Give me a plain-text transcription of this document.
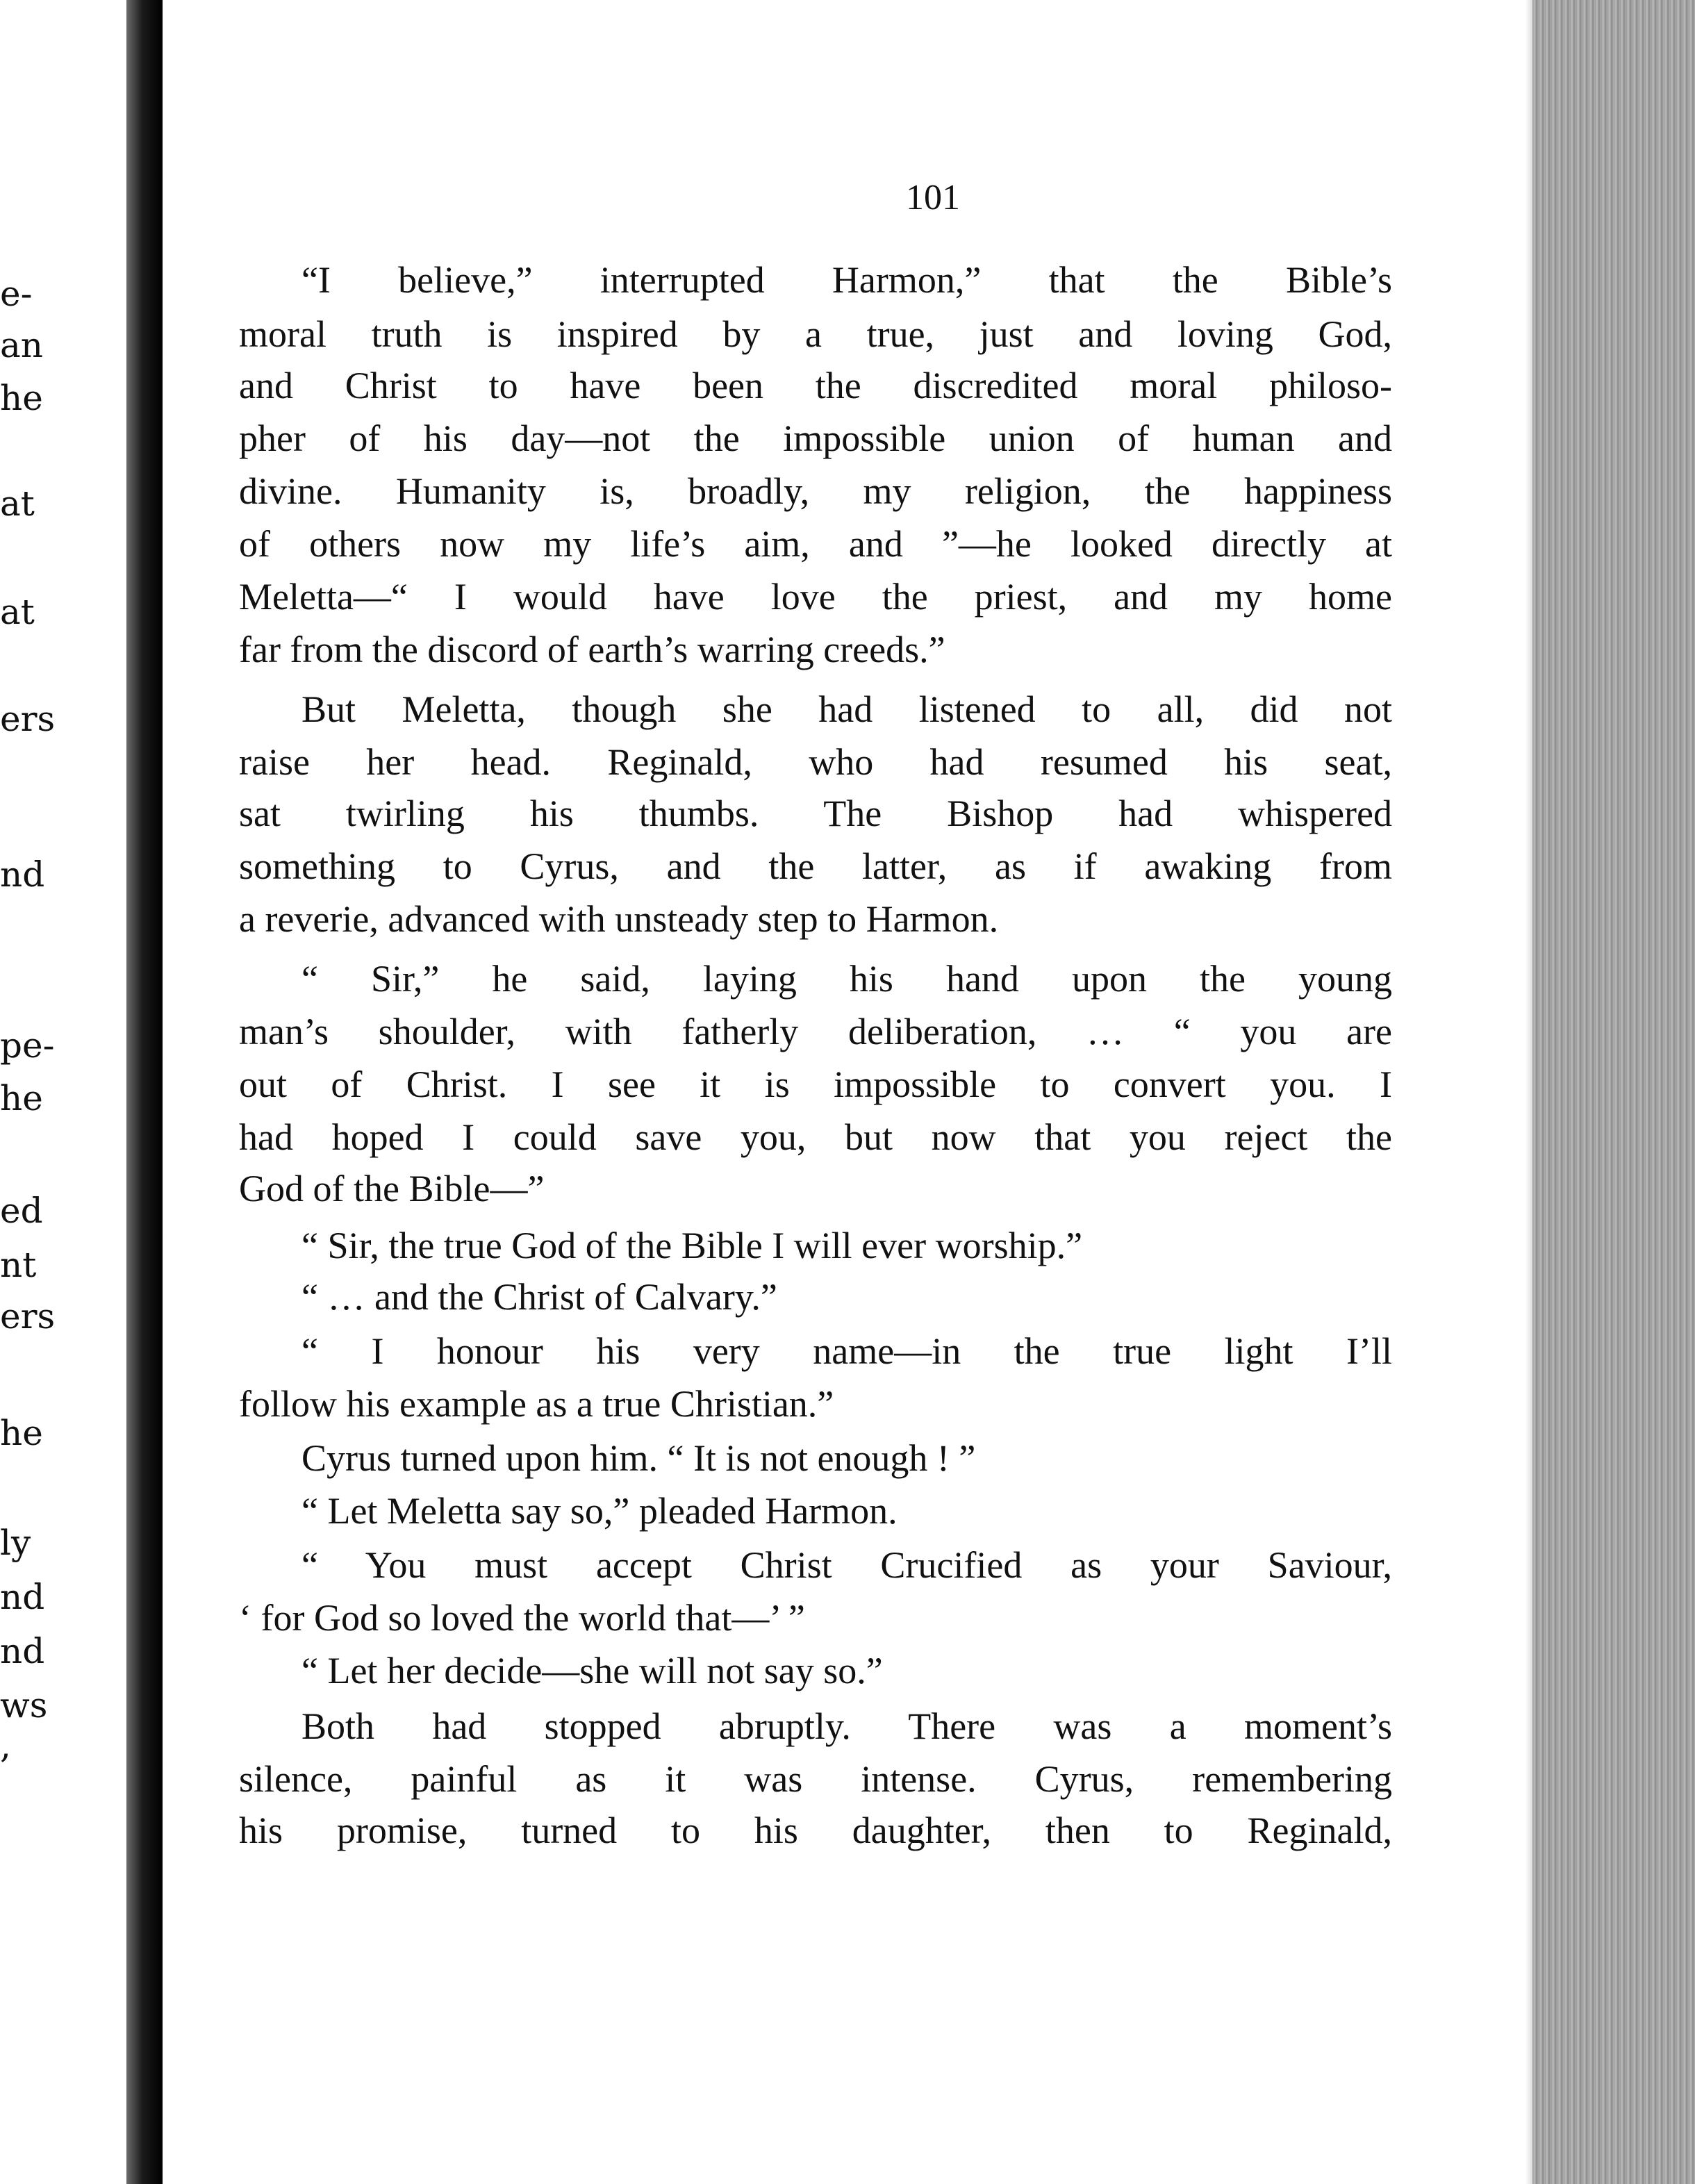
e-

an

he

at

at

ers

nd

pe-

he

ed

nt

ers

he

ly

nd

nd

ws

,

101

“I believe,” interrupted Harmon,” that the Bible’s

moral truth is inspired by a true, just and loving God,

and Christ to have been the discredited moral philoso-

pher of his day—not the impossible union of human and

divine. Humanity is, broadly, my religion, the happiness

of others now my life’s aim, and ”—he looked directly at

Meletta—“ I would have love the priest, and my home

far from the discord of earth’s warring creeds.”

But Meletta, though she had listened to all, did not

raise her head. Reginald, who had resumed his seat,

sat twirling his thumbs. The Bishop had whispered

something to Cyrus, and the latter, as if awaking from

a reverie, advanced with unsteady step to Harmon.

“ Sir,” he said, laying his hand upon the young

man’s shoulder, with fatherly deliberation, … “ you are

out of Christ. I see it is impossible to convert you. I

had hoped I could save you, but now that you reject the

God of the Bible—”

“ Sir, the true God of the Bible I will ever worship.”

“ … and the Christ of Calvary.”

“ I honour his very name—in the true light I’ll

follow his example as a true Christian.”

Cyrus turned upon him. “ It is not enough ! ”

“ Let Meletta say so,” pleaded Harmon.

“ You must accept Christ Crucified as your Saviour,

‘ for God so loved the world that—’ ”

“ Let her decide—she will not say so.”

Both had stopped abruptly. There was a moment’s

silence, painful as it was intense. Cyrus, remembering

his promise, turned to his daughter, then to Reginald,
